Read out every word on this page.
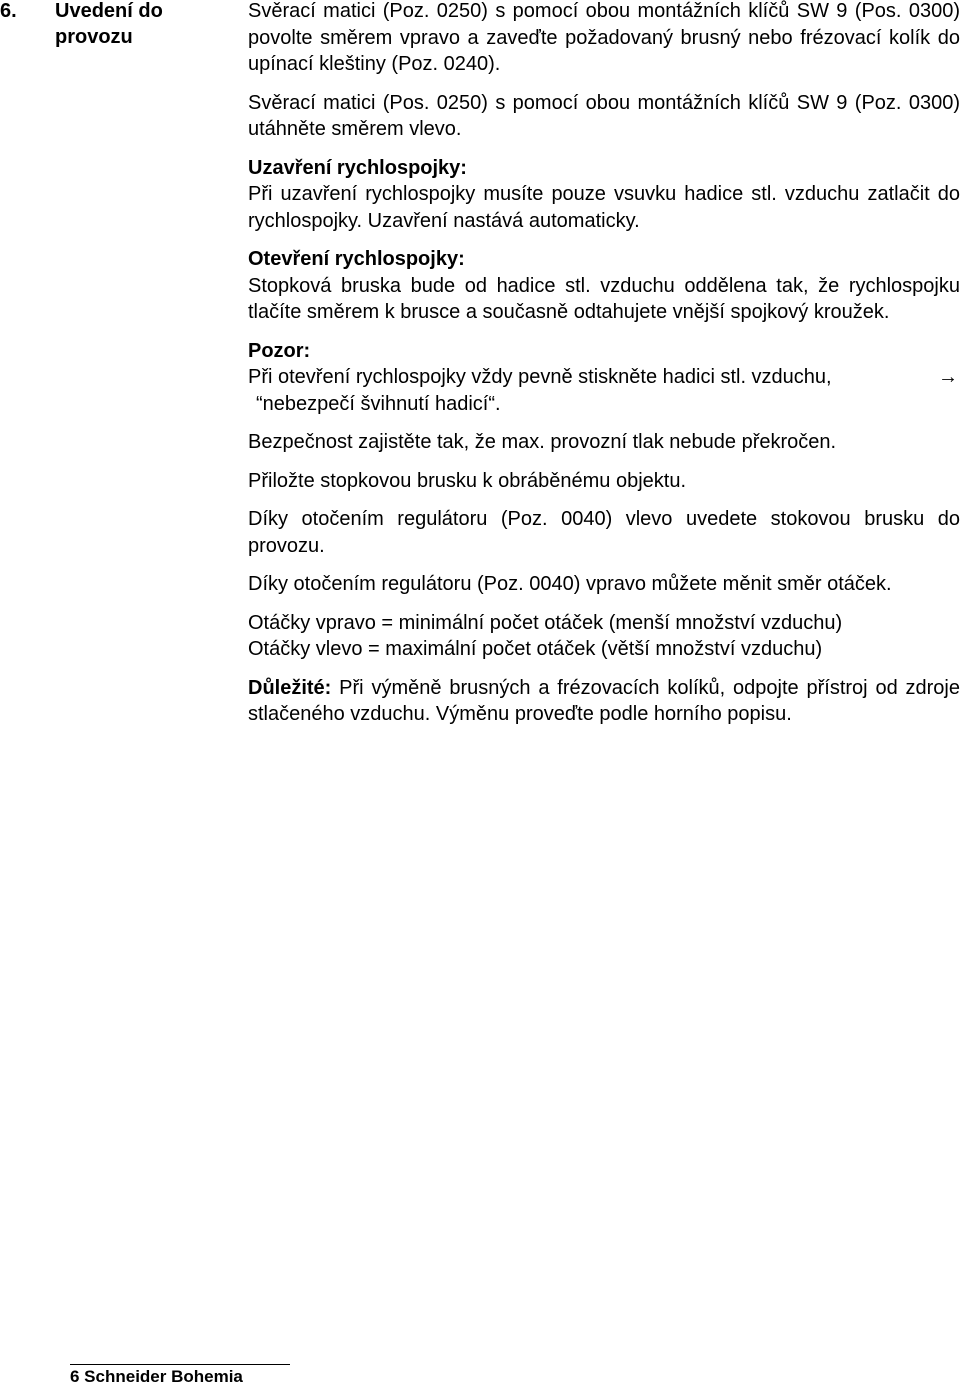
6.	Uvedení do provozu

Svěrací matici (Poz. 0250) s pomocí obou montážních klíčů SW 9 (Pos. 0300) povolte směrem vpravo a zaveďte požadovaný brusný nebo frézovací kolík do upínací kleštiny (Poz. 0240).

Svěrací matici (Pos. 0250) s pomocí obou montážních klíčů SW 9 (Poz. 0300) utáhněte směrem vlevo.

Uzavření rychlospojky:

Při uzavření rychlospojky musíte pouze vsuvku hadice stl. vzduchu zatlačit do rychlospojky. Uzavření nastává automaticky.

Otevření rychlospojky:

Stopková bruska bude od hadice stl. vzduchu oddělena tak, že rychlospojku tlačíte směrem k brusce a současně odtahujete vnější spojkový kroužek.

Pozor:

Při otevření rychlospojky vždy pevně stiskněte hadici stl. vzduchu,	→

“nebezpečí švihnutí hadicí“.

Bezpečnost zajistěte tak, že max. provozní tlak nebude překročen.

Přiložte stopkovou brusku k obráběnému objektu.

Díky otočením regulátoru (Poz. 0040) vlevo uvedete stokovou brusku do provozu.

Díky otočením regulátoru (Poz. 0040) vpravo můžete měnit směr otáček.

Otáčky vpravo = minimální počet otáček (menší množství vzduchu)

Otáčky vlevo = maximální počet otáček (větší množství vzduchu)

Důležité: Při výměně brusných a frézovacích kolíků, odpojte přístroj od zdroje stlačeného vzduchu. Výměnu proveďte podle horního popisu.

6 Schneider Bohemia
